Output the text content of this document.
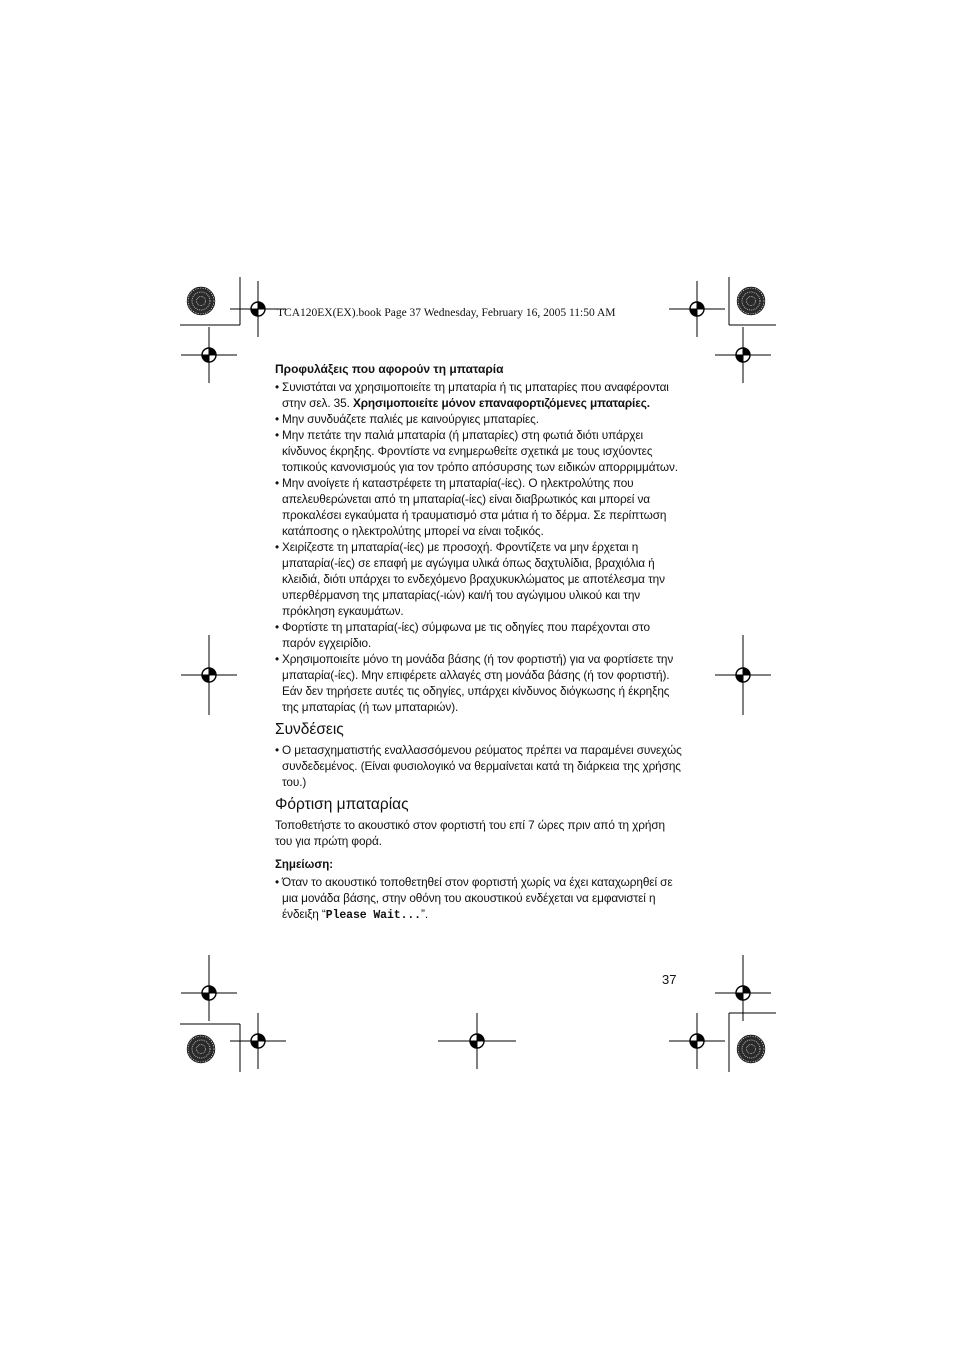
TCA120EX(EX).book Page 37 Wednesday, February 16, 2005 11:50 AM
Προφυλάξεις που αφορούν τη μπαταρία
• Συνιστάται να χρησιμοποιείτε τη μπαταρία ή τις μπαταρίες που αναφέρονται στην σελ. 35. Χρησιμοποιείτε μόνον επαναφορτιζόμενες μπαταρίες.
• Μην συνδυάζετε παλιές με καινούργιες μπαταρίες.
• Μην πετάτε την παλιά μπαταρία (ή μπαταρίες) στη φωτιά διότι υπάρχει κίνδυνος έκρηξης. Φροντίστε να ενημερωθείτε σχετικά με τους ισχύοντες τοπικούς κανονισμούς για τον τρόπο απόσυρσης των ειδικών απορριμμάτων.
• Μην ανοίγετε ή καταστρέφετε τη μπαταρία(-ίες). Ο ηλεκτρολύτης που απελευθερώνεται από τη μπαταρία(-ίες) είναι διαβρωτικός και μπορεί να προκαλέσει εγκαύματα ή τραυματισμό στα μάτια ή το δέρμα. Σε περίπτωση κατάποσης ο ηλεκτρολύτης μπορεί να είναι τοξικός.
• Χειρίζεστε τη μπαταρία(-ίες) με προσοχή. Φροντίζετε να μην έρχεται η μπαταρία(-ίες) σε επαφή με αγώγιμα υλικά όπως δαχτυλίδια, βραχιόλια ή κλειδιά, διότι υπάρχει το ενδεχόμενο βραχυκυκλώματος με αποτέλεσμα την υπερθέρμανση της μπαταρίας(-ιών) και/ή του αγώγιμου υλικού και την πρόκληση εγκαυμάτων.
• Φορτίστε τη μπαταρία(-ίες) σύμφωνα με τις οδηγίες που παρέχονται στο παρόν εγχειρίδιο.
• Χρησιμοποιείτε μόνο τη μονάδα βάσης (ή τον φορτιστή) για να φορτίσετε την μπαταρία(-ίες). Μην επιφέρετε αλλαγές στη μονάδα βάσης (ή τον φορτιστή). Εάν δεν τηρήσετε αυτές τις οδηγίες, υπάρχει κίνδυνος διόγκωσης ή έκρηξης της μπαταρίας (ή των μπαταριών).
Συνδέσεις
• Ο μετασχηματιστής εναλλασσόμενου ρεύματος πρέπει να παραμένει συνεχώς συνδεδεμένος. (Είναι φυσιολογικό να θερμαίνεται κατά τη διάρκεια της χρήσης του.)
Φόρτιση μπαταρίας

Τοποθετήστε το ακουστικό στον φορτιστή του επί 7 ώρες πριν από τη χρήση του για πρώτη φορά.

Σημείωση:
• Όταν το ακουστικό τοποθετηθεί στον φορτιστή χωρίς να έχει καταχωρηθεί σε μια μονάδα βάσης, στην οθόνη του ακουστικού ενδέχεται να εμφανιστεί η ένδειξη “Please Wait...”.
37
